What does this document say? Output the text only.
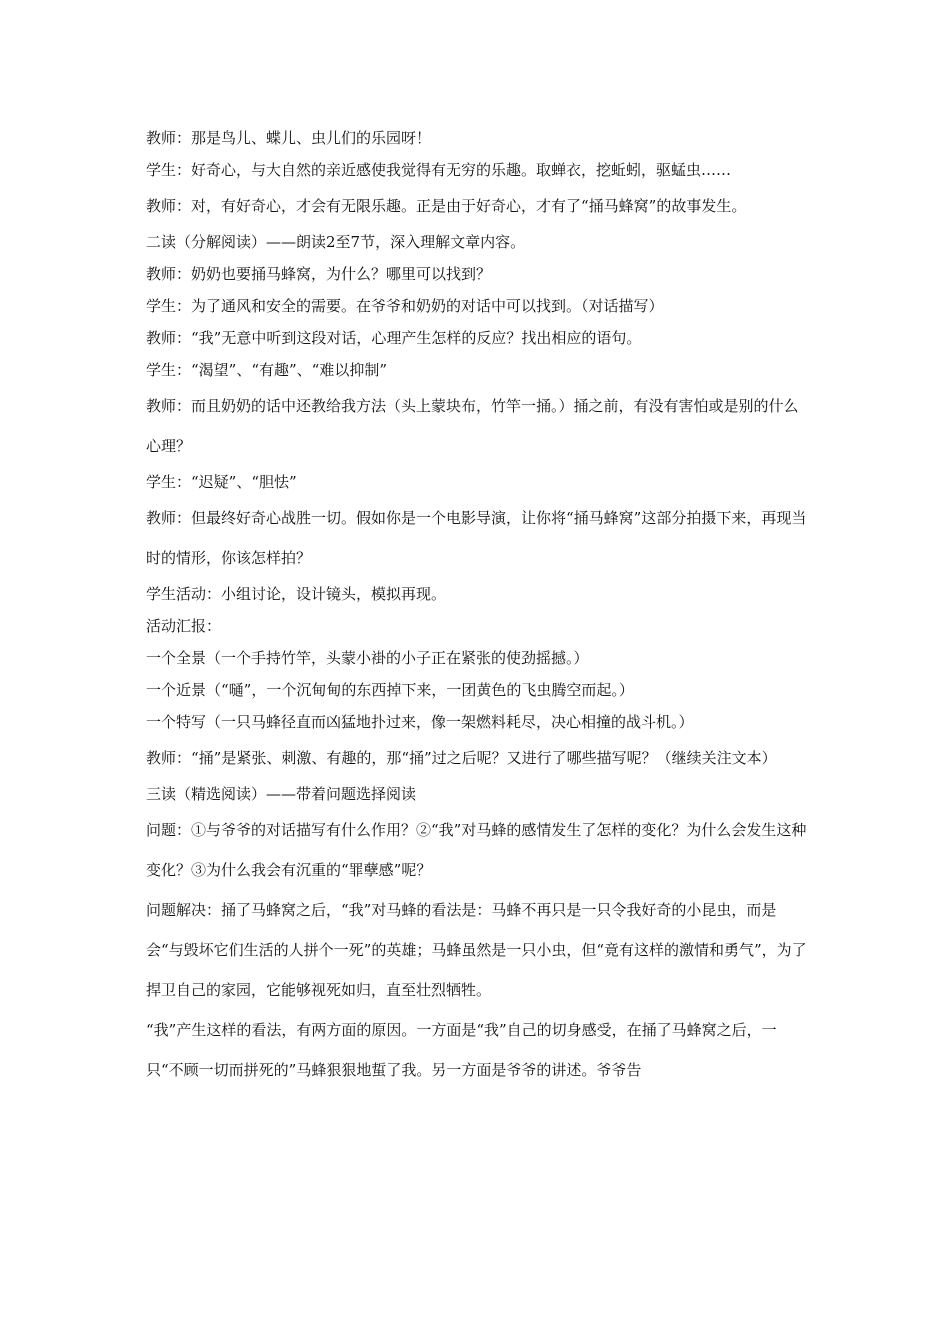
教师：那是鸟儿、蝶儿、虫儿们的乐园呀！

学生：好奇心，与大自然的亲近感使我觉得有无穷的乐趣。取蝉衣，挖蚯蚓，驱蜢虫……

教师：对，有好奇心，才会有无限乐趣。正是由于好奇心，才有了“捅马蜂窝”的故事发生。

二读（分解阅读）——朗读2至7节，深入理解文章内容。

教师：奶奶也要捅马蜂窝，为什么？哪里可以找到？

学生：为了通风和安全的需要。在爷爷和奶奶的对话中可以找到。（对话描写）

教师：“我”无意中听到这段对话，心理产生怎样的反应？找出相应的语句。

学生：“渴望”、“有趣”、“难以抑制”

教师：而且奶奶的话中还教给我方法（头上蒙块布，竹竿一捅。）捅之前，有没有害怕或是别的什么心理？

学生：“迟疑”、“胆怯”

教师：但最终好奇心战胜一切。假如你是一个电影导演，让你将“捅马蜂窝”这部分拍摄下来，再现当时的情形，你该怎样拍？

学生活动：小组讨论，设计镜头，模拟再现。

活动汇报：

一个全景（一个手持竹竿，头蒙小褂的小子正在紧张的使劲摇撼。）

一个近景（“嗵”，一个沉甸甸的东西掉下来，一团黄色的飞虫腾空而起。）

一个特写（一只马蜂径直而凶猛地扑过来，像一架燃料耗尽，决心相撞的战斗机。）

教师：“捅”是紧张、刺激、有趣的，那“捅”过之后呢？又进行了哪些描写呢？（继续关注文本）

三读（精选阅读）——带着问题选择阅读

问题：①与爷爷的对话描写有什么作用？②“我”对马蜂的感情发生了怎样的变化？为什么会发生这种变化？③为什么我会有沉重的“罪孽感”呢？

问题解决：捅了马蜂窝之后，“我”对马蜂的看法是：马蜂不再只是一只令我好奇的小昆虫，而是会“与毁坏它们生活的人拼个一死”的英雄；马蜂虽然是一只小虫，但“竟有这样的激情和勇气”，为了捍卫自己的家园，它能够视死如归，直至壮烈牺牲。

“我”产生这样的看法，有两方面的原因。一方面是“我”自己的切身感受，在捅了马蜂窝之后，一只“不顾一切而拼死的”马蜂狠狠地蜇了我。另一方面是爷爷的讲述。爷爷告
